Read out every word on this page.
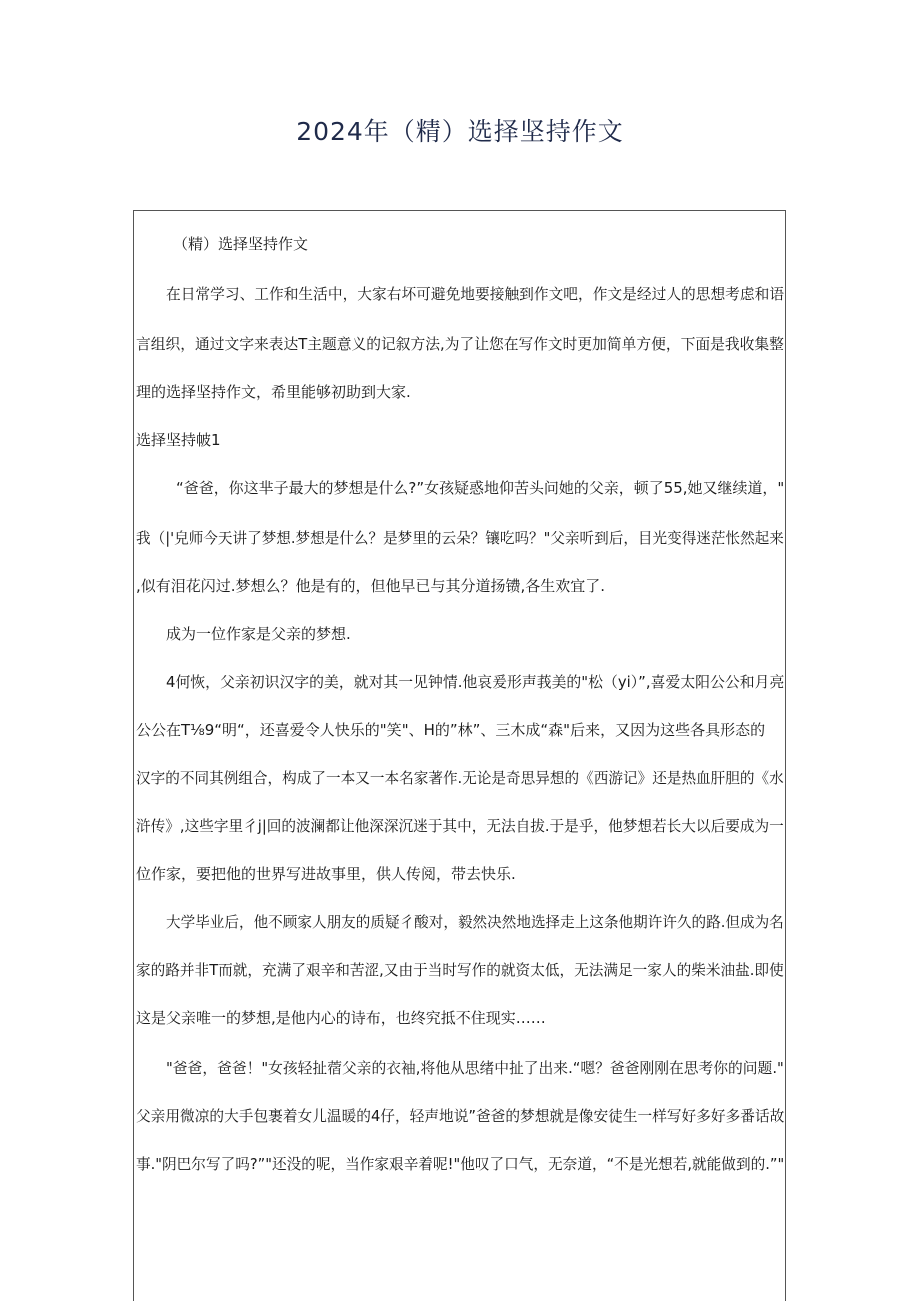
2024年（精）选择坚持作文
（精）选择坚持作文
在日常学习、工作和生活中，大家右坏可避免地要接触到作文吧，作文是经过人的思想考虑和语
言组织，通过文字来表达T主题意义的记叙方法,为了让您在写作文时更加简单方便，下面是我收集整
理的选择坚持作文，希里能够初助到大家.
选择坚持帔1
“爸爸，你这芈子最大的梦想是什么?”女孩疑惑地仰苦头问她的父亲，顿了55,她又继续道，"
我（|'皃师今天讲了梦想.梦想是什么？是梦里的云朵？镶吃吗？"父亲听到后，目光变得迷茫怅然起来
,似有泪花闪过.梦想么？他是有的，但他早已与其分道扬镄,各生欢宜了.
成为一位作家是父亲的梦想.
4何恢，父亲初识汉字的美，就对其一见钟情.他哀爰形声莪美的"松（yi）”,喜爱太阳公公和月亮
公公在T⅛9“明“，还喜爱令人快乐的"笑"、H的”林”、三木成“森"后来，又因为这些各具形态的
汉字的不同其例组合，构成了一本又一本名家著作.无论是奇思异想的《西游记》还是热血肝胆的《水
浒传》,这些字里彳j|回的波澜都让他深深沉迷于其中，无法自拔.于是乎，他梦想若长大以后要成为一
位作家，要把他的世界写进故事里，供人传阅，带去快乐.
大学毕业后，他不顾家人朋友的质疑彳酸对，毅然决然地选择走上这条他期许许久的路.但成为名
家的路并非T而就，充满了艰辛和苦涩,又由于当时写作的就资太低，无法满足一家人的柴米油盐.即使
这是父亲唯一的梦想,是他内心的诗布，也终究抵不住现实……
"爸爸，爸爸！"女孩轻扯蓿父亲的衣袖,将他从思绪中扯了出来.“嗯？爸爸刚刚在思考你的问题."
父亲用微凉的大手包裹着女儿温暖的4仔，轻声地说”爸爸的梦想就是像安徒生一样写好多好多番话故
事."阴巴尔写了吗?”"还没的呢，当作家艰辛着呢!"他叹了口气，无奈道，“不是光想若,就能做到的.”"
